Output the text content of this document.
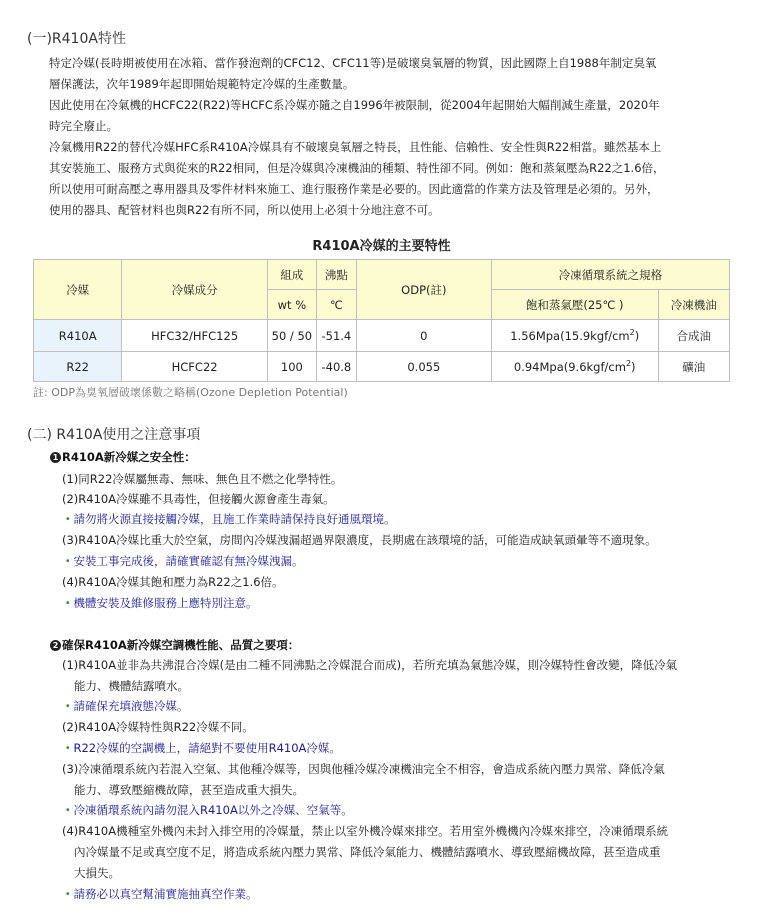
(一)R410A特性
特定冷媒(長時期被使用在冰箱、當作發泡劑的CFC12、CFC11等)是破壞臭氧層的物質，因此國際上自1988年制定臭氧
層保護法，次年1989年起即開始規範特定冷媒的生產數量。
因此使用在冷氣機的HCFC22(R22)等HCFC系冷媒亦隨之自1996年被限制，從2004年起開始大幅削減生產量，2020年
時完全廢止。
冷氣機用R22的替代冷媒HFC系R410A冷媒具有不破壞臭氧層之特長，且性能、信賴性、安全性與R22相當。雖然基本上
其安裝施工、服務方式與從來的R22相同，但是冷媒與冷凍機油的種類、特性卻不同。例如：飽和蒸氣壓為R22之1.6倍，
所以使用可耐高壓之專用器具及零件材料來施工、進行服務作業是必要的。因此適當的作業方法及管理是必須的。另外，
使用的器具、配管材料也與R22有所不同，所以使用上必須十分地注意不可。
R410A冷媒的主要特性
冷媒	冷媒成分	組成	沸點	ODP(註)	冷凍循環系統之規格	
		wt %	℃		飽和蒸氣壓(25℃ )	冷凍機油
R410A	HFC32/HFC125	50 / 50	-51.4	0	$1.56Mpa(15.9kgf/cm^2)$	合成油
R22	HCFC22	100	-40.8	0.055	$0.94Mpa(9.6kgf/cm^2)$	礦油
註: ODP為臭氧層破壞係數之略稱(Ozone Depletion Potential)
(二) R410A使用之注意事項
1 R410A新冷媒之安全性：
(1)同R22冷媒屬無毒、無味、無色且不燃之化學特性。
(2)R410A冷媒雖不具毒性，但接觸火源會產生毒氣。
・請勿將火源直接接觸冷媒，且施工作業時請保持良好通風環境。
(3)R410A冷媒比重大於空氣，房間內冷媒洩漏超過界限濃度，長期處在該環境的話，可能造成缺氧頭暈等不適現象。
・安裝工事完成後，請確實確認有無冷媒洩漏。
(4)R410A冷媒其飽和壓力為R22之1.6倍。
・機體安裝及維修服務上應特別注意。
2 確保R410A新冷媒空調機性能、品質之要項：
(1)R410A並非為共沸混合冷媒(是由二種不同沸點之冷媒混合而成)，若所充填為氣態冷媒，則冷媒特性會改變，降低冷氣
能力、機體結露噴水。
・請確保充填液態冷媒。
(2)R410A冷媒特性與R22冷媒不同。
・R22冷媒的空調機上，請絕對不要使用R410A冷媒。
(3)冷凍循環系統內若混入空氣、其他種冷媒等，因與他種冷媒冷凍機油完全不相容，會造成系統內壓力異常、降低冷氣
能力、導致壓縮機故障，甚至造成重大損失。
・冷凍循環系統內請勿混入R410A以外之冷媒、空氣等。
(4)R410A機種室外機內未封入排空用的冷媒量，禁止以室外機冷媒來排空。若用室外機機內冷媒來排空，冷凍循環系統
內冷媒量不足或真空度不足，將造成系統內壓力異常、降低冷氣能力、機體結露噴水、導致壓縮機故障，甚至造成重
大損失。
・請務必以真空幫浦實施抽真空作業。
